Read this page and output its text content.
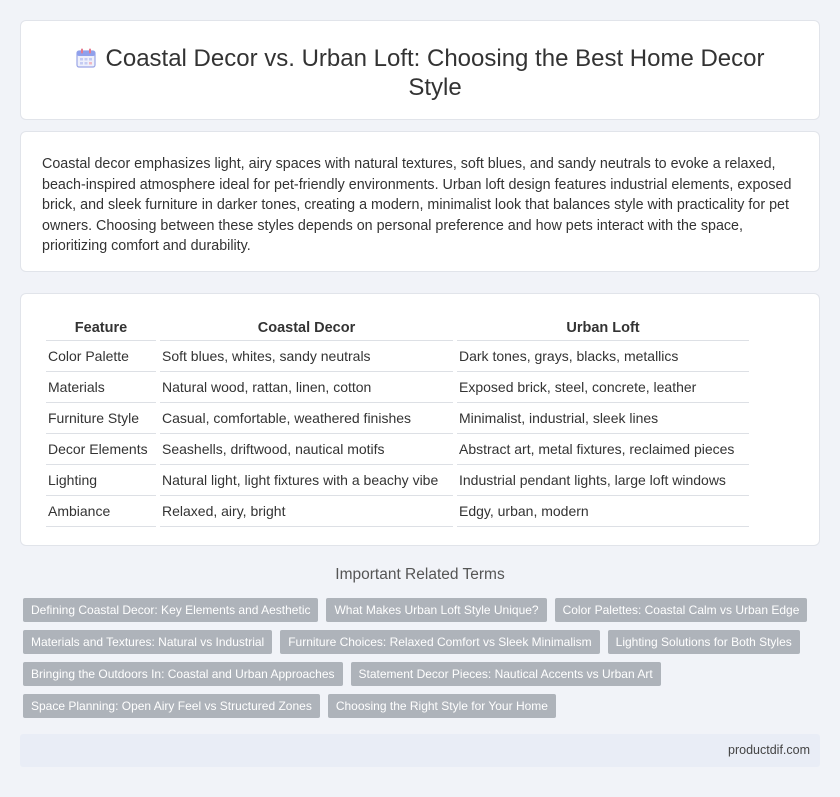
Coastal Decor vs. Urban Loft: Choosing the Best Home Decor Style

Coastal decor emphasizes light, airy spaces with natural textures, soft blues, and sandy neutrals to evoke a relaxed, beach-inspired atmosphere ideal for pet-friendly environments. Urban loft design features industrial elements, exposed brick, and sleek furniture in darker tones, creating a modern, minimalist look that balances style with practicality for pet owners. Choosing between these styles depends on personal preference and how pets interact with the space, prioritizing comfort and durability.

Feature	Coastal Decor	Urban Loft
Color Palette	Soft blues, whites, sandy neutrals	Dark tones, grays, blacks, metallics
Materials	Natural wood, rattan, linen, cotton	Exposed brick, steel, concrete, leather
Furniture Style	Casual, comfortable, weathered finishes	Minimalist, industrial, sleek lines
Decor Elements	Seashells, driftwood, nautical motifs	Abstract art, metal fixtures, reclaimed pieces
Lighting	Natural light, light fixtures with a beachy vibe	Industrial pendant lights, large loft windows
Ambiance	Relaxed, airy, bright	Edgy, urban, modern
Important Related Terms
Defining Coastal Decor: Key Elements and Aesthetic	What Makes Urban Loft Style Unique?	Color Palettes: Coastal Calm vs Urban Edge
Materials and Textures: Natural vs Industrial	Furniture Choices: Relaxed Comfort vs Sleek Minimalism	Lighting Solutions for Both Styles
Bringing the Outdoors In: Coastal and Urban Approaches	Statement Decor Pieces: Nautical Accents vs Urban Art
Space Planning: Open Airy Feel vs Structured Zones	Choosing the Right Style for Your Home
productdif.com
